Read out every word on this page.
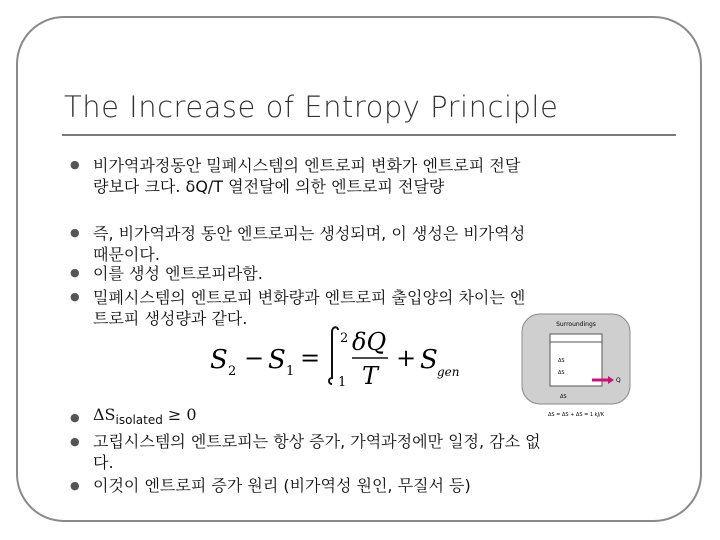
The Increase of Entropy Principle
● 비가역과정동안 밀폐시스템의 엔트로피 변화가 엔트로피 전달
량보다 크다. δQ/T 열전달에 의한 엔트로피 전달량
● 즉, 비가역과정 동안 엔트로피는 생성되며, 이 생성은 비가역성
때문이다.
● 이를 생성 엔트로피라함.
● 밀폐시스템의 엔트로피 변화량과 엔트로피 출입양의 차이는 엔
트로피 생성량과 같다.
S 2 − S 1 =
2
1
δQ
T
+ S gen
Surroundings
ΔS
ΔS
Q
ΔS
ΔS = ΔS + ΔS = 1 kJ/K
● $\Delta S_{isolated} \ge 0$
● 고립시스템의 엔트로피는 항상 증가, 가역과정에만 일정, 감소 없
다.
● 이것이 엔트로피 증가 원리 (비가역성 원인, 무질서 등)
